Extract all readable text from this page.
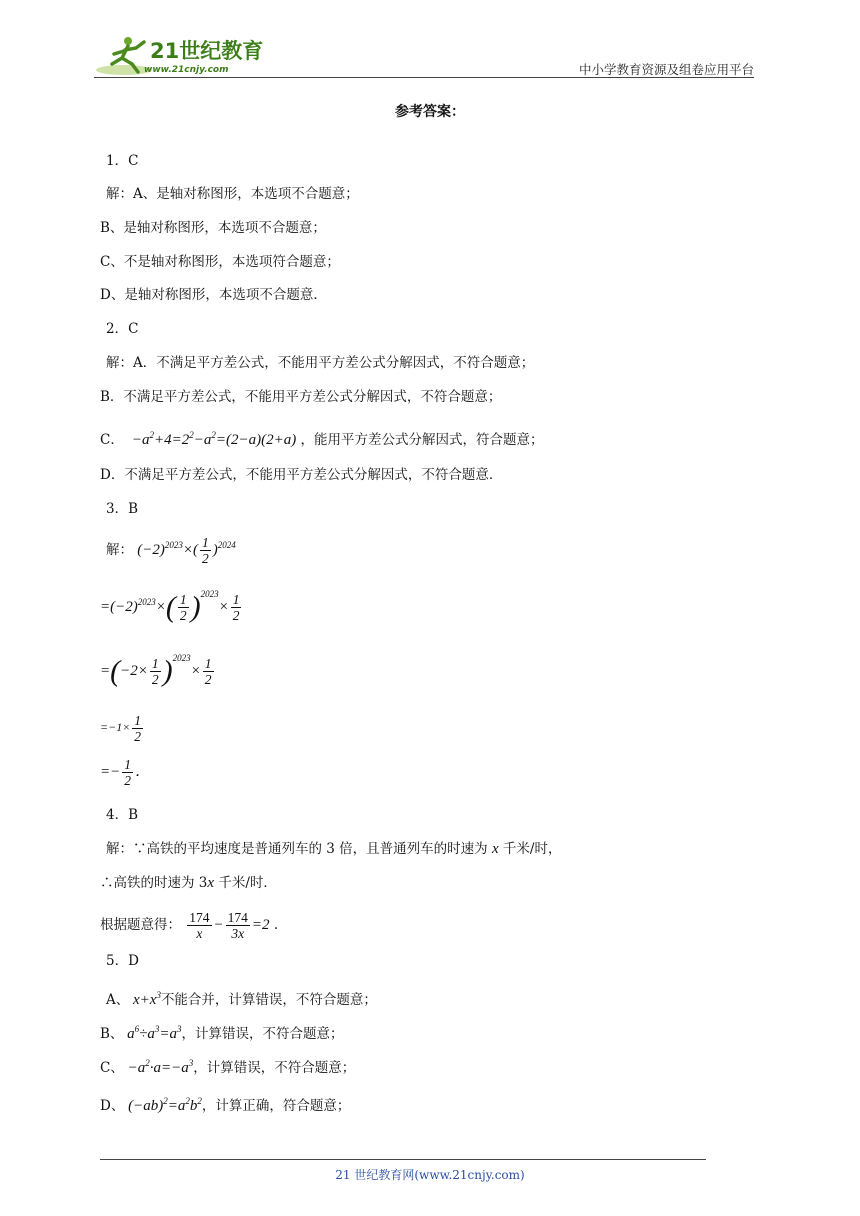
21世纪教育
www.21cnjy.com	中小学教育资源及组卷应用平台
参考答案：
1．C
解：A、是轴对称图形，本选项不合题意；
B、是轴对称图形，本选项不合题意；
C、不是轴对称图形，本选项符合题意；
D、是轴对称图形，本选项不合题意．
2．C
解：A．不满足平方差公式，不能用平方差公式分解因式，不符合题意；
B．不满足平方差公式，不能用平方差公式分解因式，不符合题意；
C．  $-a^2+4=2^2-a^2=(2-a)(2+a)$ ，能用平方差公式分解因式，符合题意；
D．不满足平方差公式，不能用平方差公式分解因式，不符合题意．
3．B
解： $(-2)^{2023}\times( \frac{1}{2} )^{2024}$
$=(-2)^{2023}\times( \frac{1}{2} )^{2023}\times \frac{1}{2}$
$=(-2\times \frac{1}{2} )^{2023}\times \frac{1}{2}$
$=-1\times \frac{1}{2}$
=− $\frac{1}{2}$ ．
4．B
解：∵高铁的平均速度是普通列车的 3 倍，且普通列车的时速为 x 千米/时，
∴高铁的时速为 3x 千米/时．
根据题意得： $\frac{174}{x} - \frac{174}{3x} =2$ .
5．D
A、 $x+x^3$不能合并，计算错误，不符合题意；
B、 $a^6\div a^3=a^3$，计算错误，不符合题意；
C、 $-a^2\cdot a=-a^3$，计算错误，不符合题意；
D、 $(-ab)^2=a^2b^2$，计算正确，符合题意；
21 世纪教育网(www.21cnjy.com)
